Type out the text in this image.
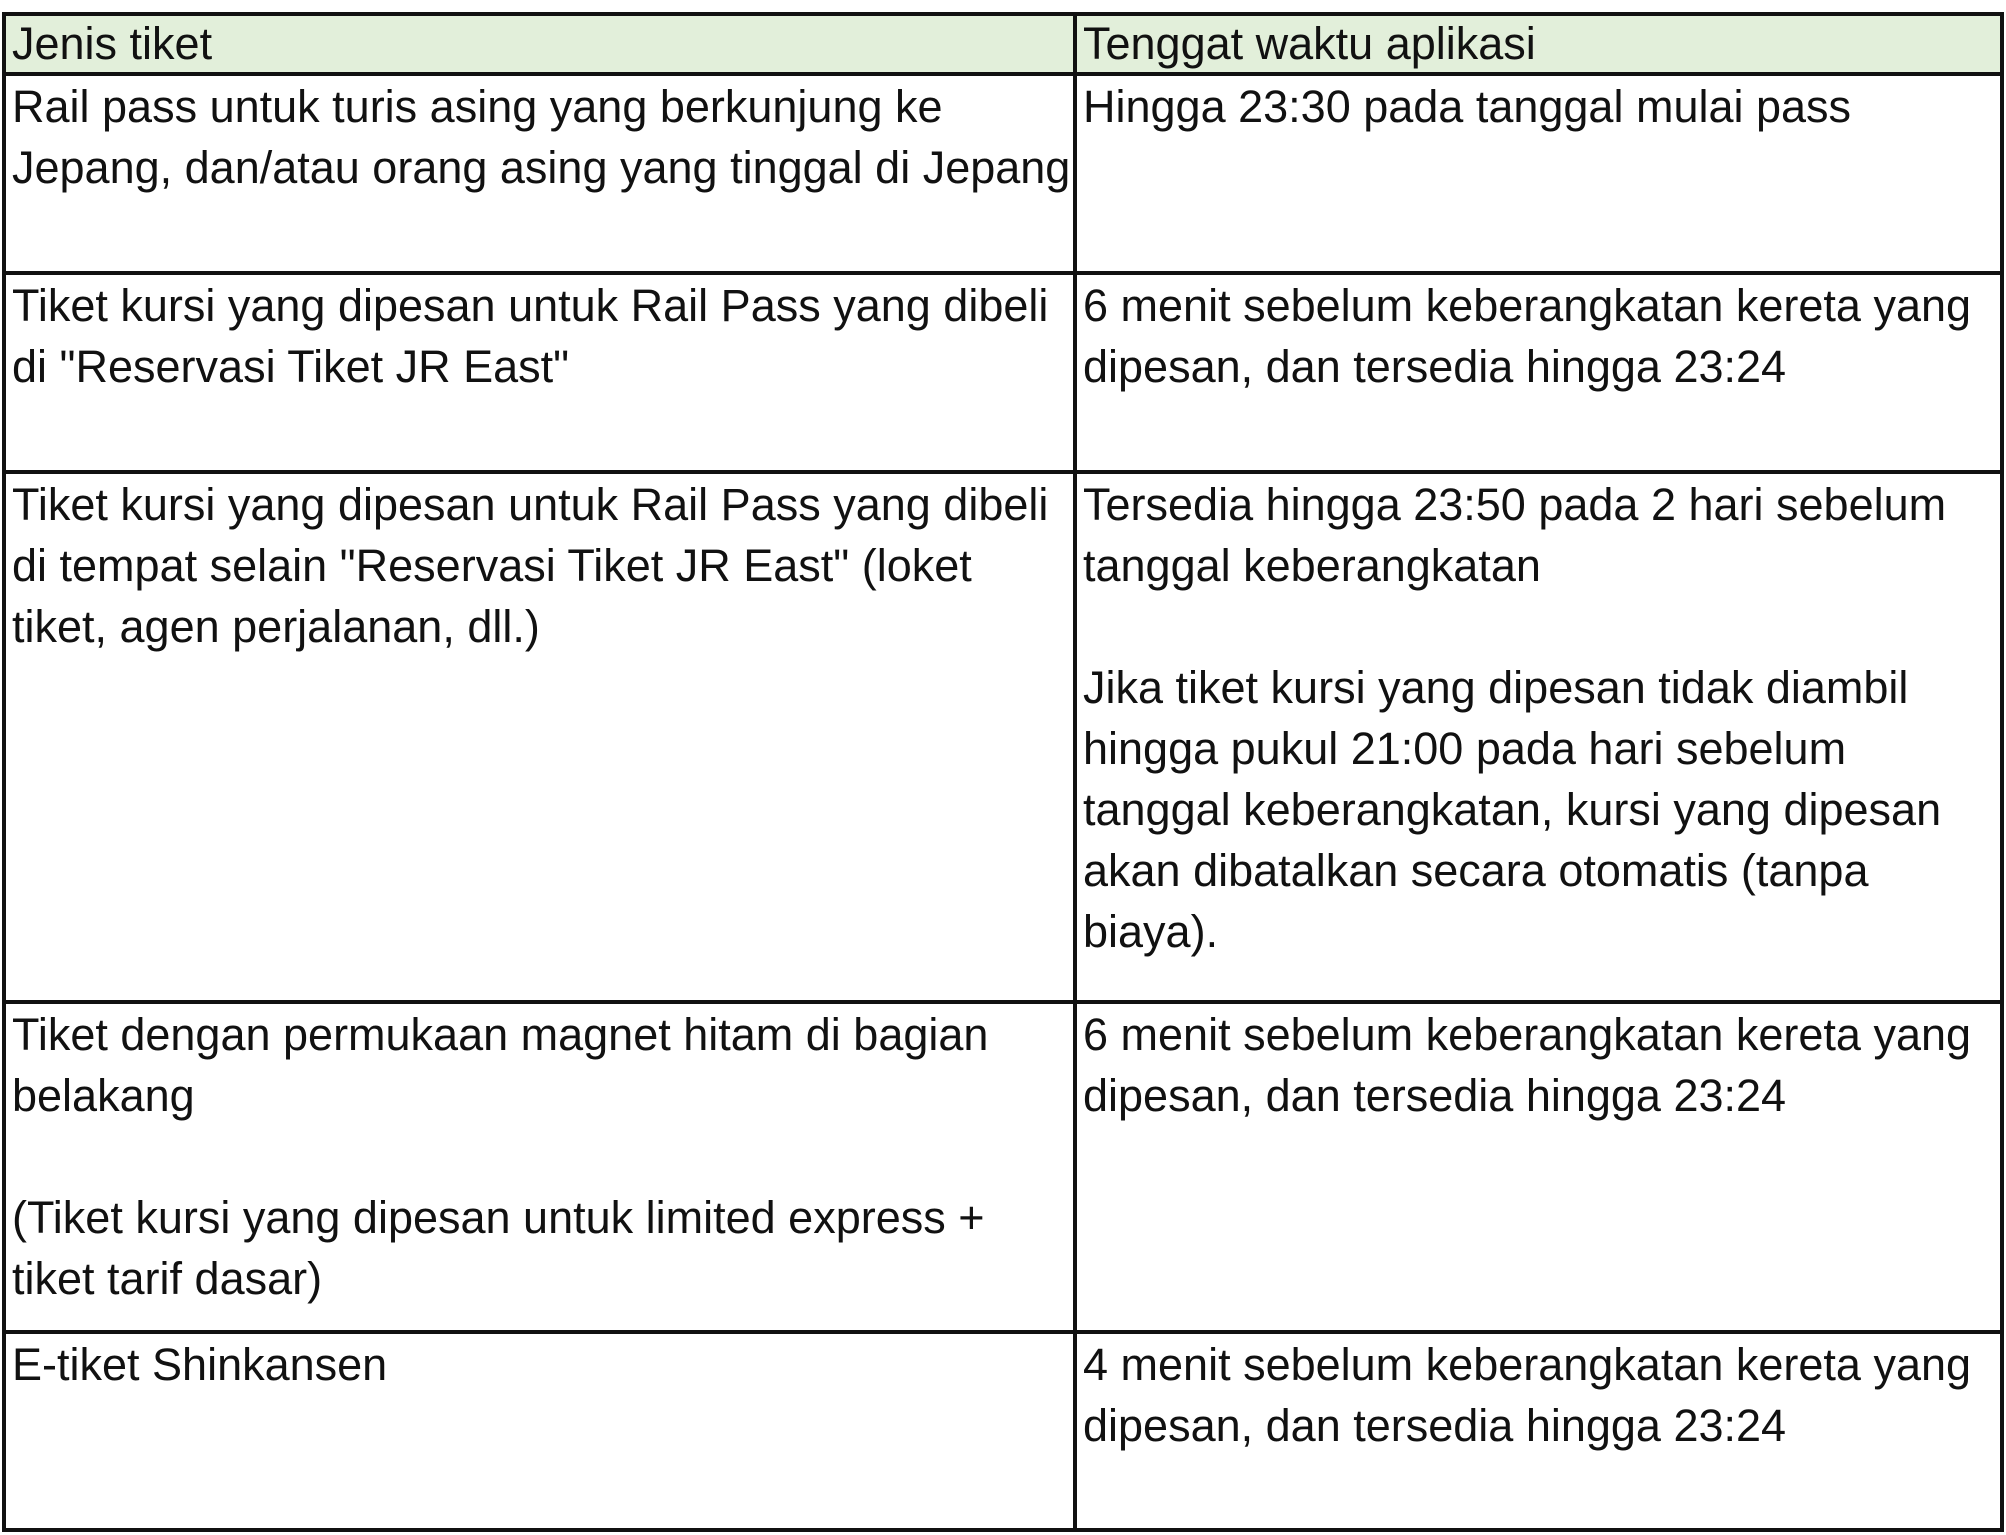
Jenis tiket	Tenggat waktu aplikasi

Rail pass untuk turis asing yang berkunjung ke Jepang, dan/atau orang asing yang tinggal di Jepang	Hingga 23:30 pada tanggal mulai pass

Tiket kursi yang dipesan untuk Rail Pass yang dibeli di "Reservasi Tiket JR East"	6 menit sebelum keberangkatan kereta yang dipesan, dan tersedia hingga 23:24

Tiket kursi yang dipesan untuk Rail Pass yang dibeli di tempat selain "Reservasi Tiket JR East" (loket tiket, agen perjalanan, dll.)	Tersedia hingga 23:50 pada 2 hari sebelum tanggal keberangkatan
Jika tiket kursi yang dipesan tidak diambil hingga pukul 21:00 pada hari sebelum tanggal keberangkatan, kursi yang dipesan akan dibatalkan secara otomatis (tanpa biaya).

Tiket dengan permukaan magnet hitam di bagian belakang
(Tiket kursi yang dipesan untuk limited express + tiket tarif dasar)	6 menit sebelum keberangkatan kereta yang dipesan, dan tersedia hingga 23:24

E-tiket Shinkansen	4 menit sebelum keberangkatan kereta yang dipesan, dan tersedia hingga 23:24
